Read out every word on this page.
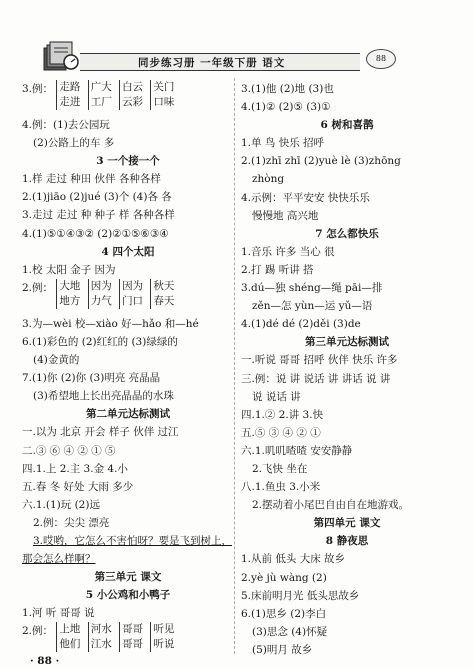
同步练习册 一年级下册 语文	88
3.例： 走路
走进

广大
工厂

白云
云彩

关门
口味
4.例：(1)去公园玩
(2)公路上的车 多
3 一个接一个
1.样 走过 种田 伙伴 各种各样
2.(1)jiāo (2)jué (3)个 (4)各 各
3.走过 走过 种 种子 样 各种各样
4.(1)⑤①④③② (2)②①⑤⑥③④
4 四个太阳
1.校 太阳 金子 因为
2.例： 大地
地方

因为
力气

因为
门口

秋天
春天
3.为—wèi 校—xiào 好—hǎo 和—hé
6.(1)彩色的 (2)红红的 (3)绿绿的
(4)金黄的
7.(1)你 (2)你 (3)明亮 亮晶晶
(3)希望地上长出亮晶晶的水珠
第二单元达标测试
一.以为 北京 开会 样子 伙伴 过江
二.③ ⑥ ④ ② ① ⑤
四.1.上 2.主 3.金 4.小
五.春 冬 好处 大雨 多少
六.1.(1)玩 (2)远
2.例：尖尖 漂亮
3.哎哟，它怎么不害怕呀？要是飞到树上，
那会怎么样啊？
第三单元 课文
5 小公鸡和小鸭子
1.河 听 哥哥 说
2.例： 上地
他们

河水
江水

哥哥
哥哥

听见
听说
3.(1)他 (2)地 (3)也
4.(1)② (2)⑤ (3)①
6 树和喜鹊
1.单 鸟 快乐 招呼
2.(1)zhī zhī (2)yuè lè (3)zhōng
zhòng
4.示例：平平安安 快快乐乐
慢慢地 高兴地
7 怎么都快乐
1.音乐 许多 当心 很
2.打 踢 听讲 搭
3.dú—独 shéng—绳 pāi—排
zěn—怎 yùn—运 yǔ—语
4.(1)dé dé (2)děi (3)de
第三单元达标测试
一.听说 哥哥 招呼 伙伴 快乐 许多
三.例：说 讲 说话 讲 讲话 说 讲
说 说话 讲
四.1.② 2.讲 3.快
五.⑤ ③ ④ ② ①
六.1.叽叽喳喳 安安静静
2.飞快 坐在
八.1.鱼虫 3.小米
2.摆动着小尾巴自由自在地游戏。
第四单元 课文
8 静夜思
1.从前 低头 大床 故乡
2.yè jù wàng (2)
5.床前明月光 低头思故乡
6.(1)思乡 (2)李白
(3)思念 (4)怀疑
(5)明月 故乡
· 88 ·
